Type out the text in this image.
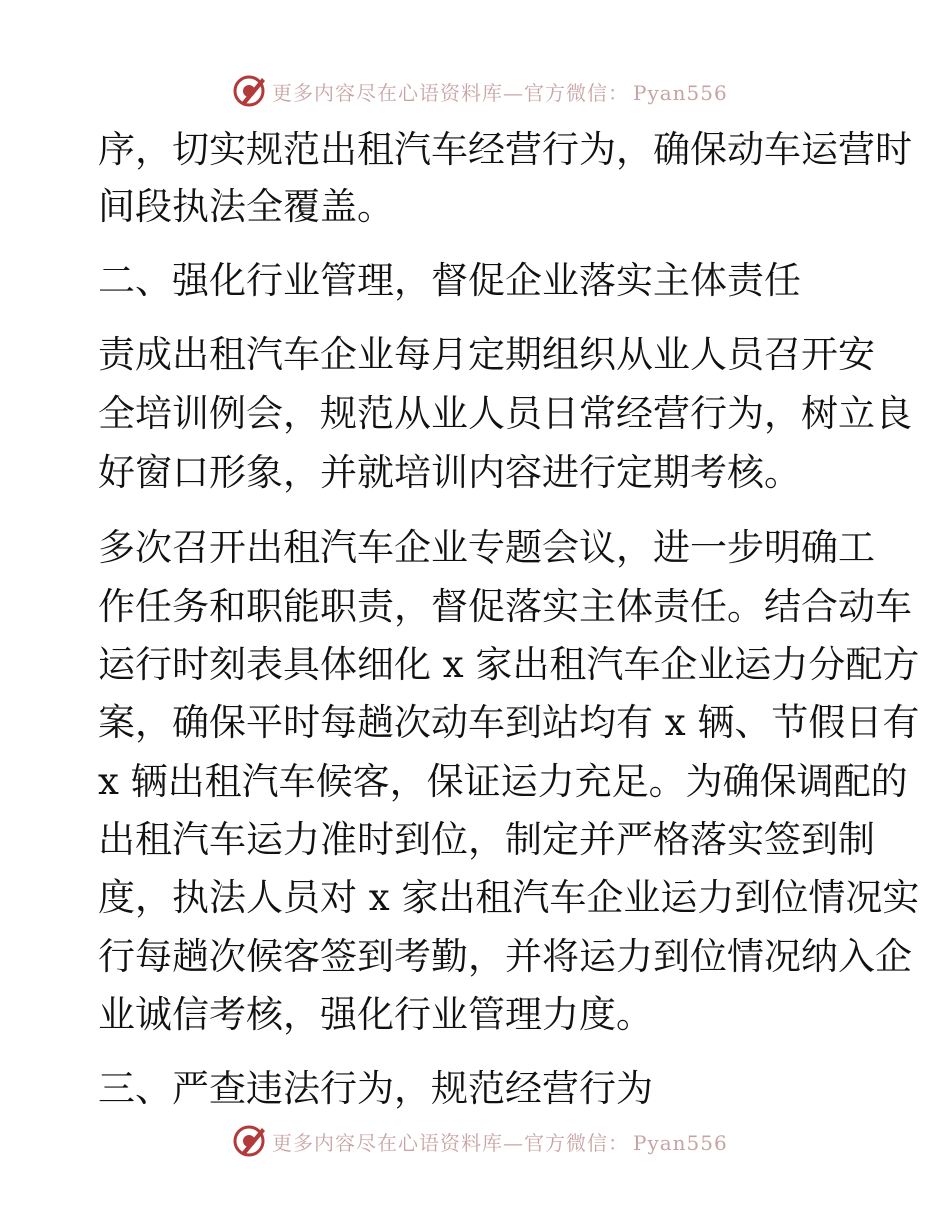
更多内容尽在心语资料库—官方微信： Pyan556
序，切实规范出租汽车经营行为，确保动车运营时
间段执法全覆盖。
二、强化行业管理，督促企业落实主体责任
责成出租汽车企业每月定期组织从业人员召开安
全培训例会，规范从业人员日常经营行为，树立良
好窗口形象，并就培训内容进行定期考核。
多次召开出租汽车企业专题会议，进一步明确工
作任务和职能职责，督促落实主体责任。结合动车
运行时刻表具体细化 x 家出租汽车企业运力分配方
案，确保平时每趟次动车到站均有 x 辆、节假日有
x 辆出租汽车候客，保证运力充足。为确保调配的
出租汽车运力准时到位，制定并严格落实签到制
度，执法人员对 x 家出租汽车企业运力到位情况实
行每趟次候客签到考勤，并将运力到位情况纳入企
业诚信考核，强化行业管理力度。
三、严查违法行为，规范经营行为
更多内容尽在心语资料库—官方微信： Pyan556
